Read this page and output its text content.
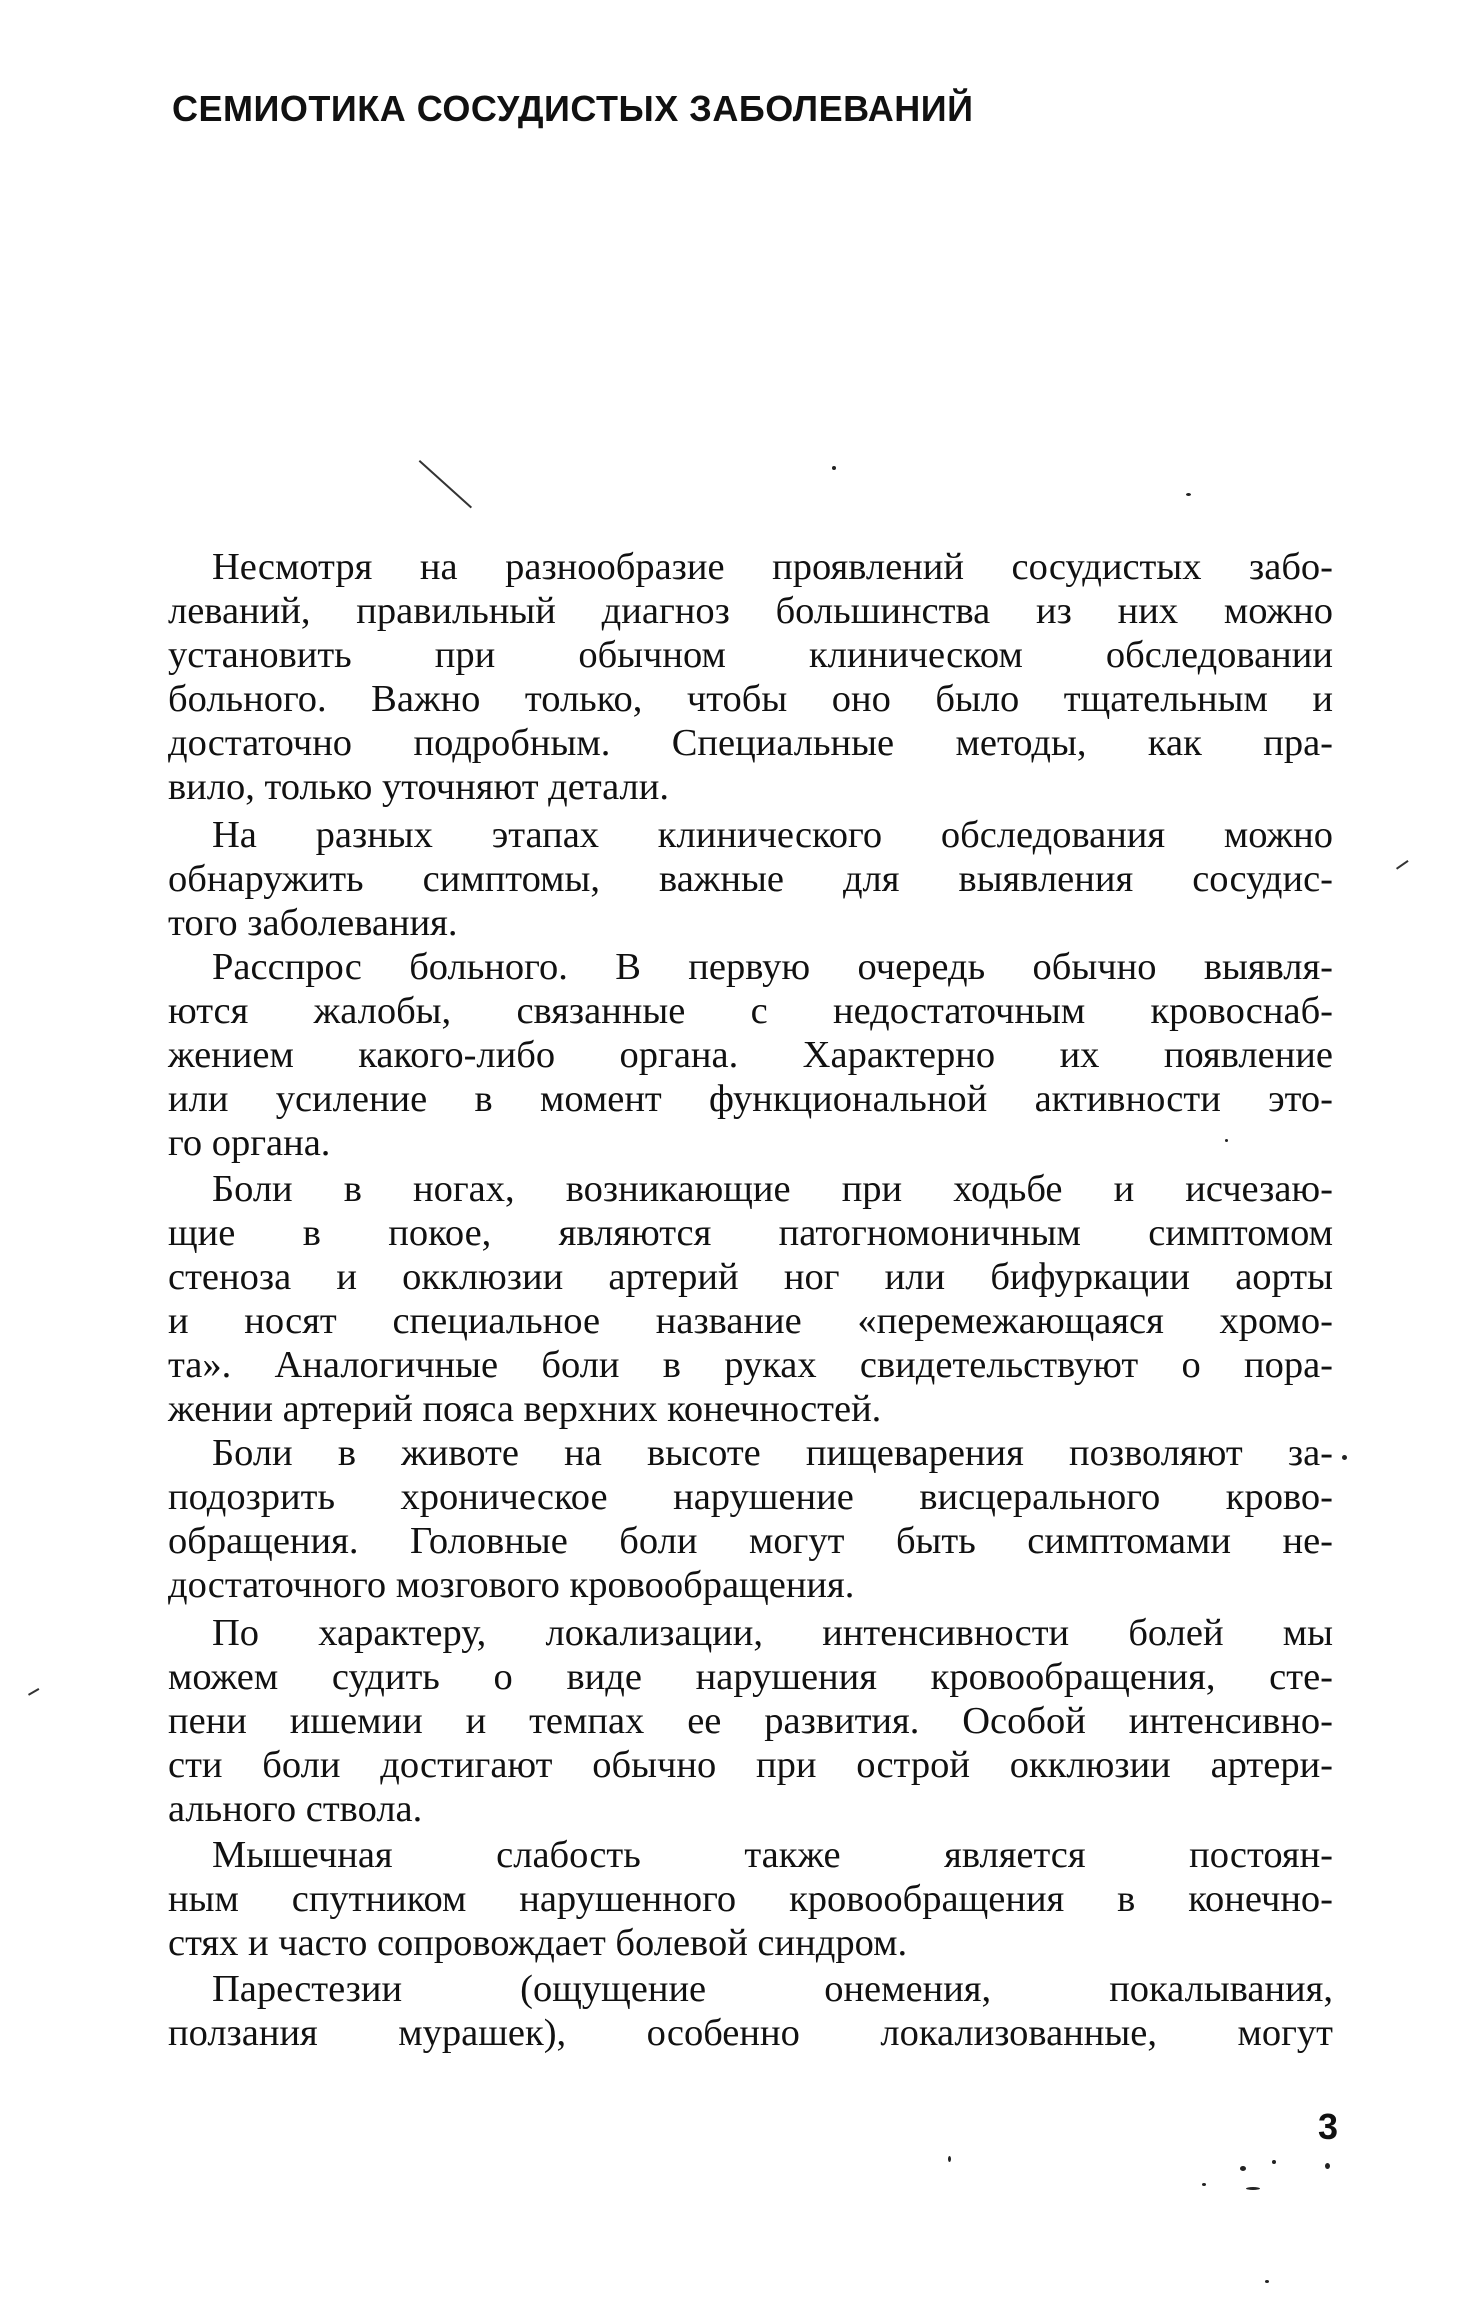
СЕМИОТИКА СОСУДИСТЫХ ЗАБОЛЕВАНИЙ
Несмотря на разнообразие проявлений сосудистых забо-
леваний, правильный диагноз большинства из них можно
установить при обычном клиническом обследовании
больного. Важно только, чтобы оно было тщательным и
достаточно подробным. Специальные методы, как пра-
вило, только уточняют детали.
На разных этапах клинического обследования можно
обнаружить симптомы, важные для выявления сосудис-
того заболевания.
Расспрос больного. В первую очередь обычно выявля-
ются жалобы, связанные с недостаточным кровоснаб-
жением какого-либо органа. Характерно их появление
или усиление в момент функциональной активности это-
го органа.
Боли в ногах, возникающие при ходьбе и исчезаю-
щие в покое, являются патогномоничным симптомом
стеноза и окклюзии артерий ног или бифуркации аорты
и носят специальное название «перемежающаяся хромо-
та». Аналогичные боли в руках свидетельствуют о пора-
жении артерий пояса верхних конечностей.
Боли в животе на высоте пищеварения позволяют за-
подозрить хроническое нарушение висцерального крово-
обращения. Головные боли могут быть симптомами не-
достаточного мозгового кровообращения.
По характеру, локализации, интенсивности болей мы
можем судить о виде нарушения кровообращения, сте-
пени ишемии и темпах ее развития. Особой интенсивно-
сти боли достигают обычно при острой окклюзии артери-
ального ствола.
Мышечная слабость также является постоян-
ным спутником нарушенного кровообращения в конечно-
стях и часто сопровождает болевой синдром.
Парестезии (ощущение онемения, покалывания,
ползания мурашек), особенно локализованные, могут
3
